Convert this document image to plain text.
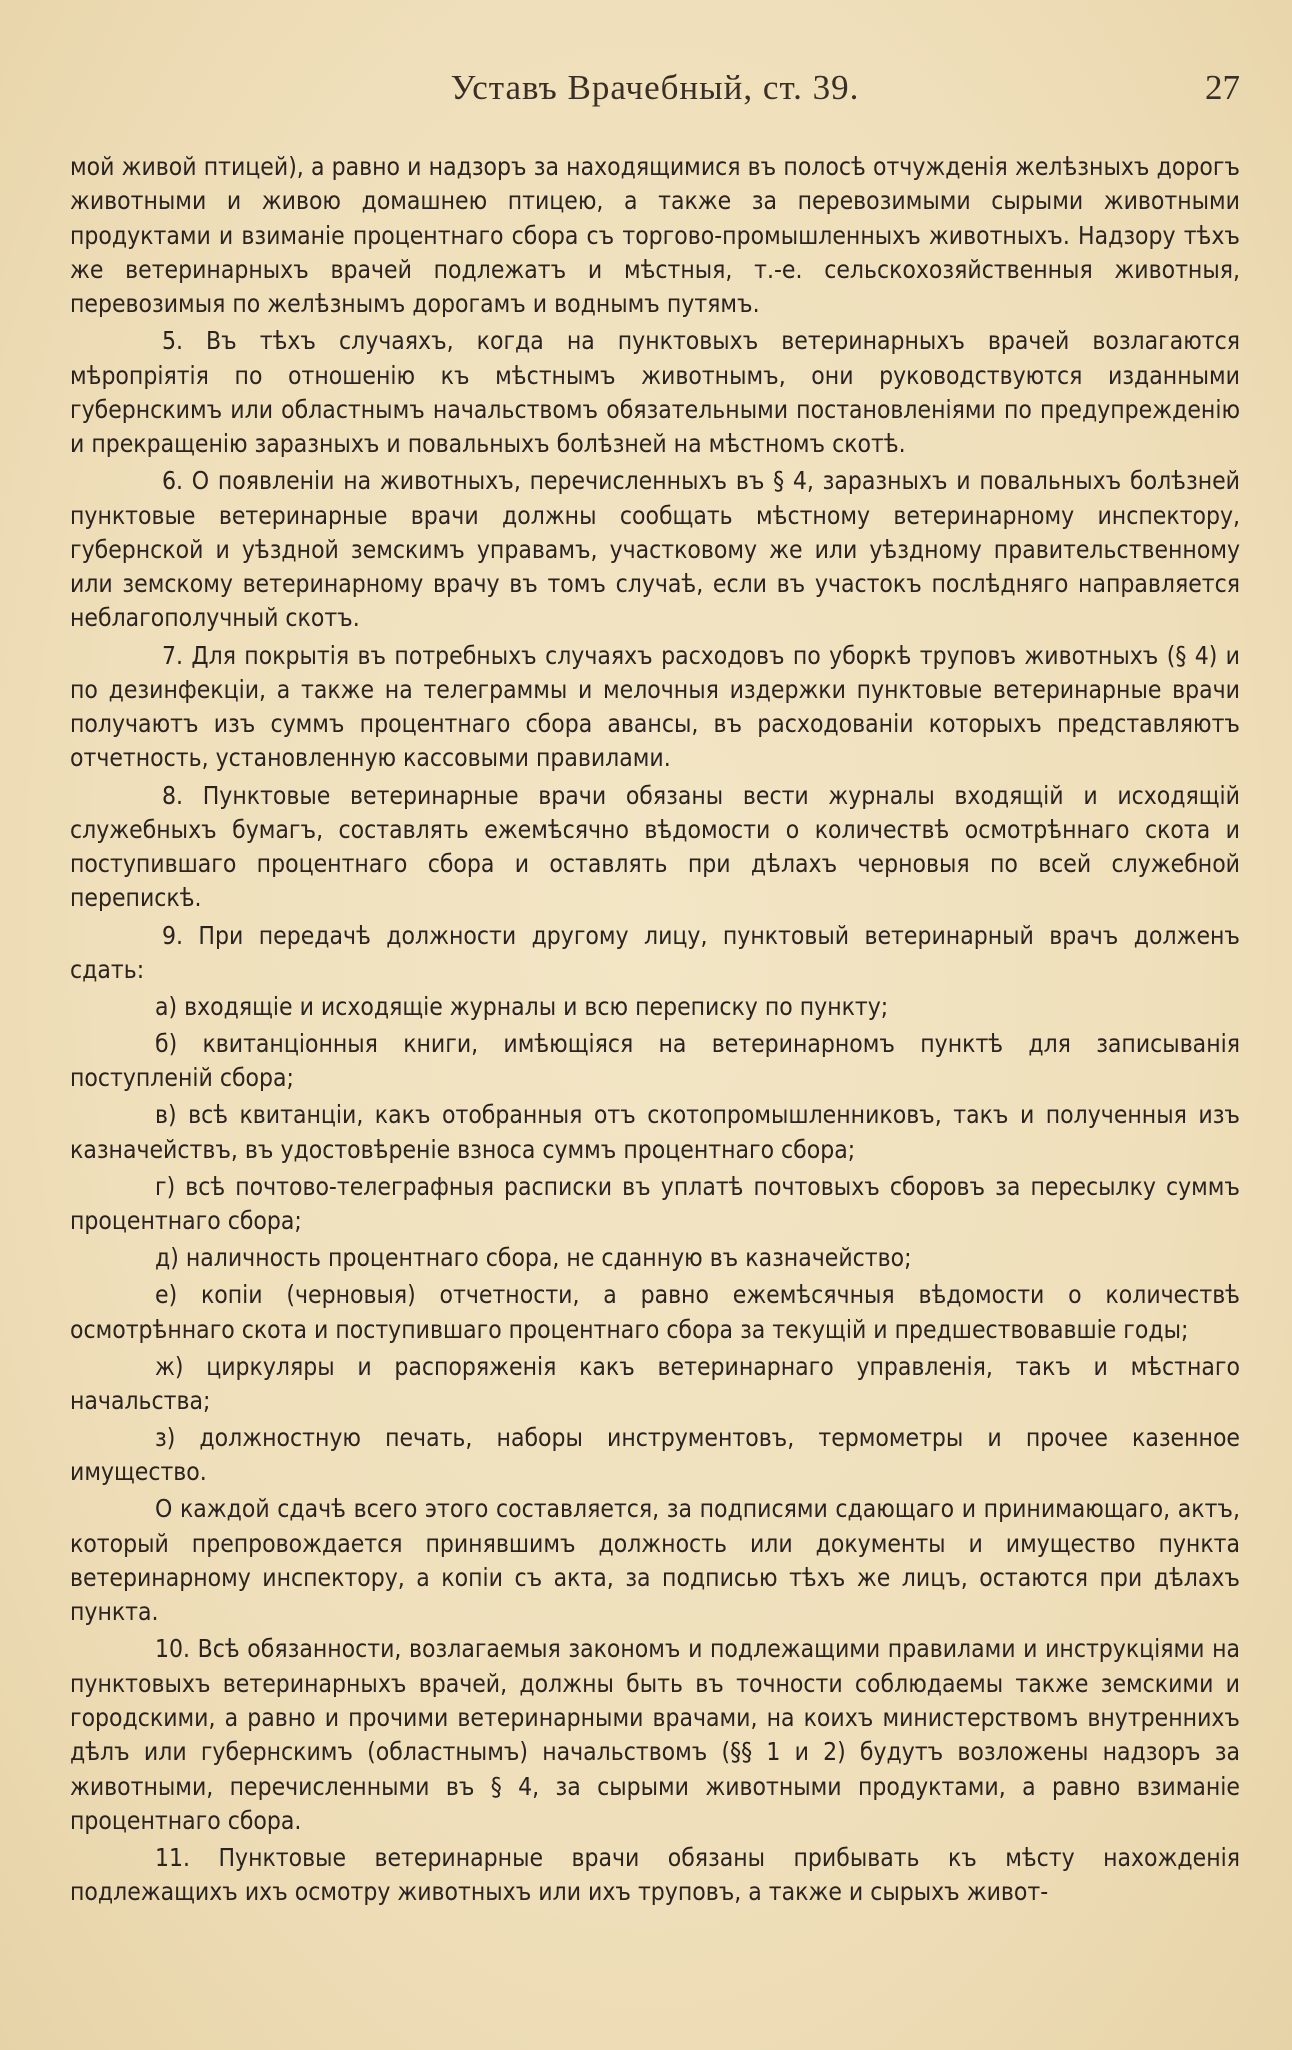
Уставъ Врачебный, ст. 39.	27

мой живой птицей), а равно и надзоръ за находящимися въ полосѣ отчужденія желѣзныхъ дорогъ животными и живою домашнею птицею, а также за перевозимыми сырыми животными продуктами и взиманіе процентнаго сбора съ торгово-промышленныхъ животныхъ. Надзору тѣхъ же ветеринарныхъ врачей подлежатъ и мѣстныя, т.-е. сельскохозяйственныя животныя, перевозимыя по желѣзнымъ дорогамъ и воднымъ путямъ.

5. Въ тѣхъ случаяхъ, когда на пунктовыхъ ветеринарныхъ врачей возлагаются мѣропріятія по отношенію къ мѣстнымъ животнымъ, они руководствуются изданными губернскимъ или областнымъ начальствомъ обязательными постановленіями по предупрежденію и прекращенію заразныхъ и повальныхъ болѣзней на мѣстномъ скотѣ.

6. О появленіи на животныхъ, перечисленныхъ въ § 4, заразныхъ и повальныхъ болѣзней пунктовые ветеринарные врачи должны сообщать мѣстному ветеринарному инспектору, губернской и уѣздной земскимъ управамъ, участковому же или уѣздному правительственному или земскому ветеринарному врачу въ томъ случаѣ, если въ участокъ послѣдняго направляется неблагополучный скотъ.

7. Для покрытія въ потребныхъ случаяхъ расходовъ по уборкѣ труповъ животныхъ (§ 4) и по дезинфекціи, а также на телеграммы и мелочныя издержки пунктовые ветеринарные врачи получаютъ изъ суммъ процентнаго сбора авансы, въ расходованіи которыхъ представляютъ отчетность, установленную кассовыми правилами.

8. Пунктовые ветеринарные врачи обязаны вести журналы входящій и исходящій служебныхъ бумагъ, составлять ежемѣсячно вѣдомости о количествѣ осмотрѣннаго скота и поступившаго процентнаго сбора и оставлять при дѣлахъ черновыя по всей служебной перепискѣ.

9. При передачѣ должности другому лицу, пунктовый ветеринарный врачъ долженъ сдать:

а) входящіе и исходящіе журналы и всю переписку по пункту;

б) квитанціонныя книги, имѣющіяся на ветеринарномъ пунктѣ для записыванія поступленій сбора;

в) всѣ квитанціи, какъ отобранныя отъ скотопромышленниковъ, такъ и полученныя изъ казначействъ, въ удостовѣреніе взноса суммъ процентнаго сбора;

г) всѣ почтово-телеграфныя расписки въ уплатѣ почтовыхъ сборовъ за пересылку суммъ процентнаго сбора;

д) наличность процентнаго сбора, не сданную въ казначейство;

е) копіи (черновыя) отчетности, а равно ежемѣсячныя вѣдомости о количествѣ осмотрѣннаго скота и поступившаго процентнаго сбора за текущій и предшествовавшіе годы;

ж) циркуляры и распоряженія какъ ветеринарнаго управленія, такъ и мѣстнаго начальства;

з) должностную печать, наборы инструментовъ, термометры и прочее казенное имущество.

О каждой сдачѣ всего этого составляется, за подписями сдающаго и принимающаго, актъ, который препровождается принявшимъ должность или документы и имущество пункта ветеринарному инспектору, а копіи съ акта, за подписью тѣхъ же лицъ, остаются при дѣлахъ пункта.

10. Всѣ обязанности, возлагаемыя закономъ и подлежащими правилами и инструкціями на пунктовыхъ ветеринарныхъ врачей, должны быть въ точности соблюдаемы также земскими и городскими, а равно и прочими ветеринарными врачами, на коихъ министерствомъ внутреннихъ дѣлъ или губернскимъ (областнымъ) начальствомъ (§§ 1 и 2) будутъ возложены надзоръ за животными, перечисленными въ § 4, за сырыми животными продуктами, а равно взиманіе процентнаго сбора.

11. Пунктовые ветеринарные врачи обязаны прибывать къ мѣсту нахожденія подлежащихъ ихъ осмотру животныхъ или ихъ труповъ, а также и сырыхъ живот-
